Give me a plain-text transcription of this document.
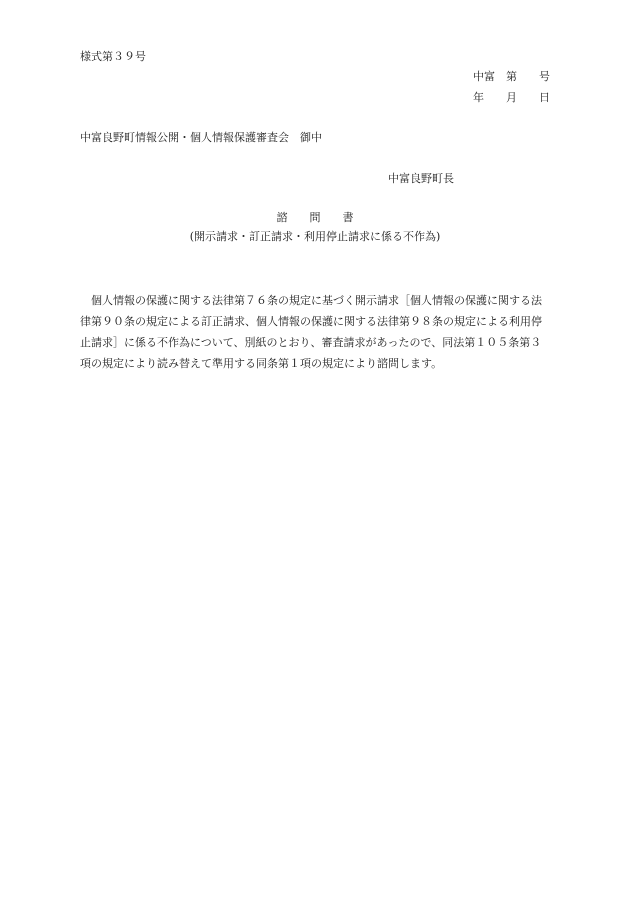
様式第３９号
中富　第　　号
年　　月　　日
中富良野町情報公開・個人情報保護審査会　御中
中富良野町長
諮　　問　　書
(開示請求・訂正請求・利用停止請求に係る不作為)
　個人情報の保護に関する法律第７６条の規定に基づく開示請求［個人情報の保護に関する法律第９０条の規定による訂正請求、個人情報の保護に関する法律第９８条の規定による利用停止請求］に係る不作為について、別紙のとおり、審査請求があったので、同法第１０５条第３項の規定により読み替えて準用する同条第１項の規定により諮問します。
